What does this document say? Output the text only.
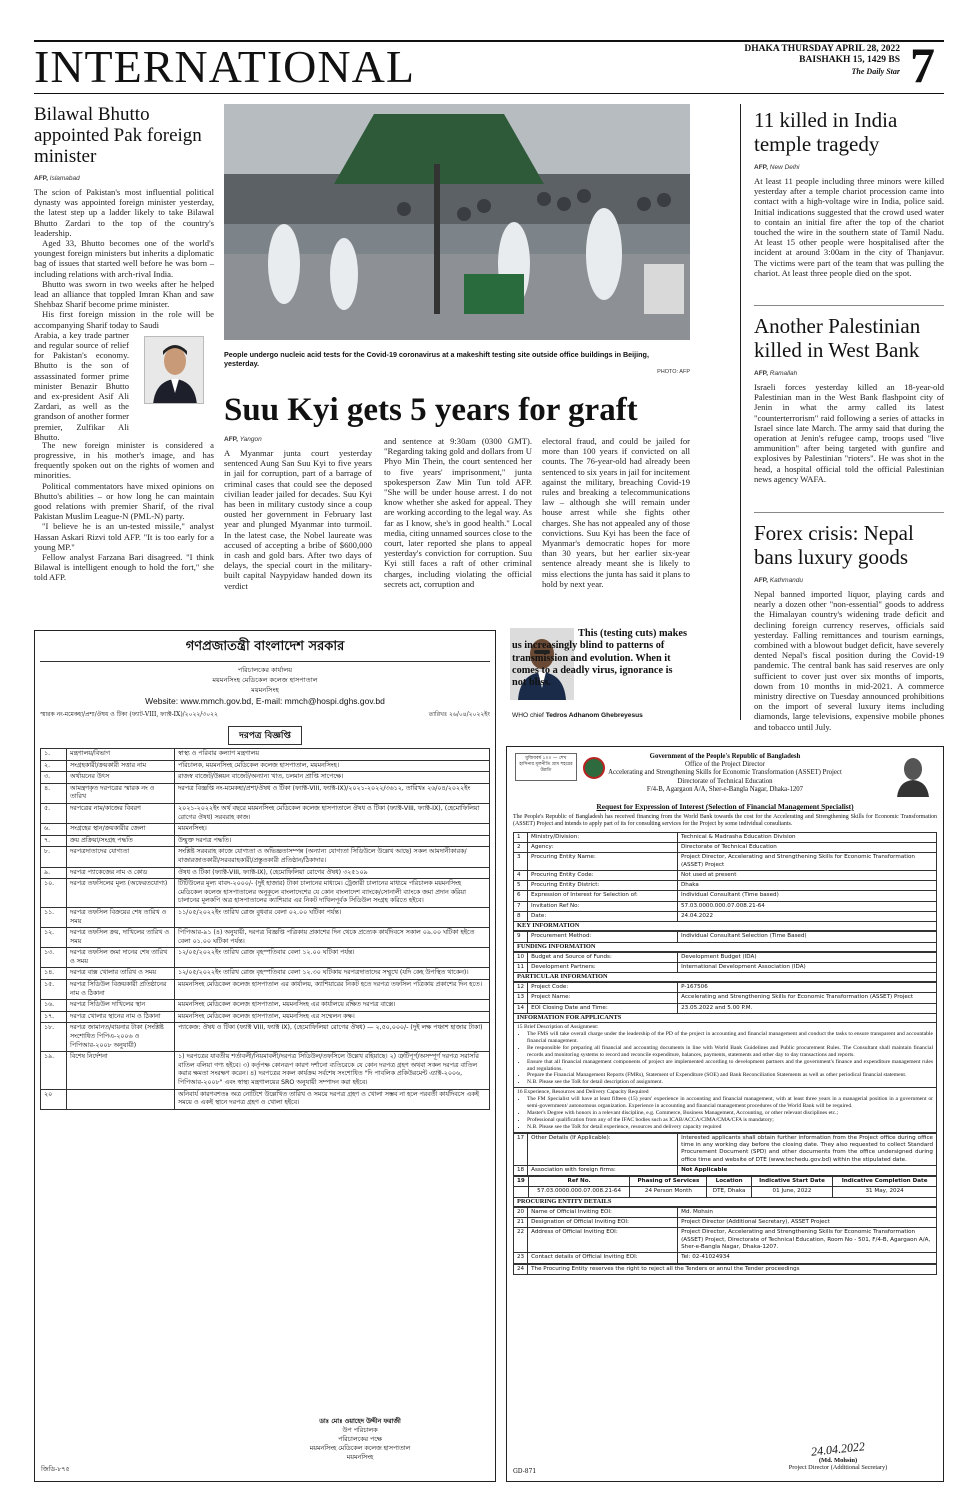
INTERNATIONAL	DHAKA THURSDAY APRIL 28, 2022
BAISHAKH 15, 1429 BS
The Daily Star 7
Bilawal Bhutto appointed Pak foreign minister
AFP, Islamabad

The scion of Pakistan's most influential political dynasty was appointed foreign minister yesterday, the latest step up a ladder likely to take Bilawal Bhutto Zardari to the top of the country's leadership.

Aged 33, Bhutto becomes one of the world's youngest foreign ministers but inherits a diplomatic bag of issues that started well before he was born – including relations with arch-rival India.

Bhutto was sworn in two weeks after he helped lead an alliance that toppled Imran Khan and saw Shehbaz Sharif become prime minister.

His first foreign mission in the role will be accompanying Sharif today to Saudi

Arabia, a key trade partner and regular source of relief for Pakistan's economy. Bhutto is the son of assassinated former prime minister Benazir Bhutto and ex-president Asif Ali Zardari, as well as the grandson of another former premier, Zulfikar Ali Bhutto.

The new foreign minister is considered a progressive, in his mother's image, and has frequently spoken out on the rights of women and minorities.

Political commentators have mixed opinions on Bhutto's abilities – or how long he can maintain good relations with premier Sharif, of the rival Pakistan Muslim League-N (PML-N) party.

"I believe he is an un-tested missile," analyst Hassan Askari Rizvi told AFP. "It is too early for a young MP."

Fellow analyst Farzana Bari disagreed. "I think Bilawal is intelligent enough to hold the fort," she told AFP.

People undergo nucleic acid tests for the Covid-19 coronavirus at a makeshift testing site outside office buildings in Beijing, yesterday.
PHOTO: AFP
Suu Kyi gets 5 years for graft
AFP, Yangon
A Myanmar junta court yesterday sentenced Aung San Suu Kyi to five years in jail for corruption, part of a barrage of criminal cases that could see the deposed civilian leader jailed for decades. Suu Kyi has been in military custody since a coup ousted her government in February last year and plunged Myanmar into turmoil. In the latest case, the Nobel laureate was accused of accepting a bribe of $600,000 in cash and gold bars. After two days of delays, the special court in the military-built capital Naypyidaw handed down its verdict
and sentence at 9:30am (0300 GMT). "Regarding taking gold and dollars from U Phyo Min Thein, the court sentenced her to five years' imprisonment," junta spokesperson Zaw Min Tun told AFP. "She will be under house arrest. I do not know whether she asked for appeal. They are working according to the legal way. As far as I know, she's in good health." Local media, citing unnamed sources close to the court, later reported she plans to appeal yesterday's conviction for corruption. Suu Kyi still faces a raft of other criminal charges, including violating the official secrets act, corruption and
electoral fraud, and could be jailed for more than 100 years if convicted on all counts. The 76-year-old had already been sentenced to six years in jail for incitement against the military, breaching Covid-19 rules and breaking a telecommunications law – although she will remain under house arrest while she fights other charges. She has not appealed any of those convictions. Suu Kyi has been the face of Myanmar's democratic hopes for more than 30 years, but her earlier six-year sentence already meant she is likely to miss elections the junta has said it plans to hold by next year.
This (testing cuts) makes us increasingly blind to patterns of transmission and evolution. When it comes to a deadly virus, ignorance is not bliss.
WHO chief Tedros Adhanom Ghebreyesus
11 killed in India temple tragedy
AFP, New Delhi
At least 11 people including three minors were killed yesterday after a temple chariot procession came into contact with a high-voltage wire in India, police said. Initial indications suggested that the crowd used water to contain an initial fire after the top of the chariot touched the wire in the southern state of Tamil Nadu. At least 15 other people were hospitalised after the incident at around 3:00am in the city of Thanjavur. The victims were part of the team that was pulling the chariot. At least three people died on the spot.
Another Palestinian killed in West Bank
AFP, Ramallah
Israeli forces yesterday killed an 18-year-old Palestinian man in the West Bank flashpoint city of Jenin in what the army called its latest "counterterrorism" raid following a series of attacks in Israel since late March. The army said that during the operation at Jenin's refugee camp, troops used "live ammunition" after being targeted with gunfire and explosives by Palestinian "rioters". He was shot in the head, a hospital official told the official Palestinian news agency WAFA.
Forex crisis: Nepal bans luxury goods
AFP, Kathmandu
Nepal banned imported liquor, playing cards and nearly a dozen other "non-essential" goods to address the Himalayan country's widening trade deficit and declining foreign currency reserves, officials said yesterday. Falling remittances and tourism earnings, combined with a blowout budget deficit, have severely dented Nepal's fiscal position during the Covid-19 pandemic. The central bank has said reserves are only sufficient to cover just over six months of imports, down from 10 months in mid-2021. A commerce ministry directive on Tuesday announced prohibitions on the import of several luxury items including diamonds, large televisions, expensive mobile phones and tobacco until July.
গণপ্রজাতন্ত্রী বাংলাদেশ সরকার
পরিচালকের কার্যালয়
ময়মনসিংহ মেডিকেল কলেজ হাসপাতাল
ময়মনসিংহ
Website: www.mmch.gov.bd, E-mail: mmch@hospi.dghs.gov.bd
স্মারক নং-মমেকহা/প্রশা/ঔষধ ও টিকা (ফ্যাট-VIII, ফ্যাক্ট-IX)/২০২২/৩০২২	তারিখঃ ২৬/০৪/২০২২ইং
দরপত্র বিজ্ঞপ্তি
১.	মন্ত্রণালয়/বিভাগ	স্বাস্থ্য ও পরিবার কল্যাণ মন্ত্রণালয়
২.	সংগ্রহকারী/ক্রয়কারী সত্তার নাম	পরিচালক, ময়মনসিংহ মেডিকেল কলেজ হাসপাতাল, ময়মনসিংহ।
৩.	অর্থায়নের উৎস	রাজস্ব বাজেট/উন্নয়ন বাজেট/অন্যান্য খাত, চলমান প্রাপ্তি সাপেক্ষে।
৪.	আমন্ত্রণকৃত দরপত্রের স্মারক নং ও তারিখ	দরপত্র বিজ্ঞপ্তি নং-মমেকহা/প্রশা/ঔষধ ও টিকা (ফ্যাক্ট-VIII, ফ্যাক্ট-IX)/২০২১-২০২২/৩৬১২, তারিখঃ ২৬/০৪/২০২২ইং
৫.	দরপত্রের নাম/কাজের বিবরণ	২০২১-২০২২ইং অর্থ বছরে ময়মনসিংহ মেডিকেল কলেজ হাসপাতালে ঔষধ ও টিকা (ফ্যাক্ট-VIII, ফ্যাক্ট-IX), (হেমোফিলিয়া রোগের ঔষধ) সরবরাহ কাজ।
৬.	সংগ্রহের স্থান/ক্রয়কারীর জেলা	ময়মনসিংহ।
৭.	ক্রয় প্রক্রিয়া/সংগ্রহ পদ্ধতি	উন্মুক্ত দরপত্র পদ্ধতি।
৮.	দরপত্রদাতাদের যোগ্যতা	সংশ্লিষ্ট সরবরাহ কাজে যোগ্যতা ও অভিজ্ঞতাসম্পন্ন (অন্যান্য যোগ্যতা সিডিউলে উল্লেখ আছে) সকল আমদানীকারক/বাজারজাতকারী/সরবরাহকারী/প্রস্তুতকারী প্রতিষ্ঠান/ঠিকাদার।
৯.	দরপত্র প্যাকেজের নাম ও কোড	ঔষধ ও টিকা (ফ্যাক্ট-VIII, ফ্যাক্ট-IX), (হেমোফিলিয়া রোগের ঔষধ) ৩২৫১০৯
১০.	দরপত্র তফসিলের মূল্য (অফেরতযোগ্য)	টিটিউলের মূল্য বাবদ-২০০০/- (দুই হাজার) টাকা চালানের মাধ্যমে। ট্রেজারী চালানের মাধ্যমে পরিচালক ময়মনসিংহ মেডিকেল কলেজ হাসপাতালের অনুকূলে বাংলাদেশের যে কোন বাংলাদেশ ব্যাংকে/সোনালী ব্যাংকে জমা প্রদান করিয়া চালানের মূলকপি অত্র হাসপাতালের ক্যাশিয়ার এর নিকট দাখিলপূর্বক সিডিউল সংগ্রহ করিতে হইবে।
১১.	দরপত্র তফসিল বিক্রয়ের শেষ তারিখ ও সময়	১১/০৫/২০২২ইং তারিখ রোজ বুধবার বেলা ০২.০০ ঘটিকা পর্যন্ত।
১২.	দরপত্র তফসিল ক্রয়, দাখিলের তারিখ ও সময়	পিপিআর-৯১ (৪) অনুযায়ী, দরপত্র বিজ্ঞপ্তি পত্রিকায় প্রকাশের দিন থেকে প্রত্যেক কার্যদিবসে সকাল ০৯.০০ ঘটিকা হইতে বেলা ০১.০০ ঘটিকা পর্যন্ত।
১৩.	দরপত্র তফসিল জমা দানের শেষ তারিখ ও সময়	১২/০৫/২০২২ইং তারিখ রোজ বৃহস্পতিবার বেলা ১২.০০ ঘটিকা পর্যন্ত।
১৪.	দরপত্র বাক্স খোলার তারিখ ও সময়	১২/০৫/২০২২ইং তারিখ রোজ বৃহস্পতিবার বেলা ১২.৩০ ঘটিকায় দরপত্রদাতাদের সম্মুখে (যদি কেহ উপস্থিত থাকেন)।
১৫.	দরপত্র সিডিউল বিক্রয়কারী প্রতিষ্ঠানের নাম ও ঠিকানা	ময়মনসিংহ মেডিকেল কলেজ হাসপাতাল এর কার্যালয়, ক্যাশিয়ারের নিকট হতে দরপত্র তফসিল পত্রিকায় প্রকাশের দিন হতে।
১৬.	দরপত্র সিডিউল দাখিলের স্থান	ময়মনসিংহ মেডিকেল কলেজ হাসপাতাল, ময়মনসিংহ এর কার্যালয়ে রক্ষিত দরপত্র বাক্সে।
১৭.	দরপত্র খোলার স্থানের নাম ও ঠিকানা	ময়মনসিংহ মেডিকেল কলেজ হাসপাতাল, ময়মনসিংহ এর সম্মেলন কক্ষ।
১৮.	দরপত্র জামানত/বায়নার টাকা (সংশ্লিষ্ট সংশোধিত পিপিএ-২০০৬ ও পিপিআর-২০০৮ অনুযায়ী)	প্যাকেজ: ঔষধ ও টিকা (ফ্যাক্ট VIII, ফ্যাক্ট IX), (হেমোফিলিয়া রোগের ঔষধ) — ২,৫০,০০০/- (দুই লক্ষ পঞ্চাশ হাজার টাকা)
১৯.	বিশেষ নির্দেশনা	১) দরপত্রের যাবতীয় শর্তাবলী/নিয়মাবলী/দরপত্র সিডিউল/তফসিলে উল্লেখ রহিয়াছে। ২) ত্রুটিপূর্ণ/অসম্পূর্ণ দরপত্র সরাসরি বাতিল বলিয়া গণ্য হইবে। ৩) কর্তৃপক্ষ কোনরূপ কারণ দর্শানো ব্যতিরেকে যে কোন দরপত্র গ্রহণ অথবা সকল দরপত্র বাতিল করার ক্ষমতা সংরক্ষণ করেন। ৪) দরপত্রের সকল কার্যক্রম সর্বশেষ সংশোধিত "দি পাবলিক প্রকিউরমেন্ট এ্যাক্ট-২০০৬, পিপিআর-২০০৮" এবং স্বাস্থ্য মন্ত্রণালয়ের SRO অনুযায়ী সম্পাদন করা হইবে।
২০		অনিবার্য কারণবশতঃ অত্র নোটিশে উল্লেখিত তারিখ ও সময়ে দরপত্র গ্রহণ ও খোলা সম্ভব না হলে পরবর্তী কার্যদিবসে একই সময়ে ও একই স্থানে দরপত্র গ্রহণ ও খোলা হইবে।
ডাঃ মোঃ ওয়াহেদ উদ্দীন ফরাজী
উপ পরিচালক
পরিচালকের পক্ষে
ময়মনসিংহ মেডিকেল কলেজ হাসপাতাল
ময়মনসিংহ
জিডি-৮৭৫
মুজিববর্ষ ১০০ — শেখ হাসিনার মূলনীতি গ্রাম শহরের উন্নতি
Government of the People's Republic of Bangladesh
Office of the Project Director
Accelerating and Strengthening Skills for Economic Transformation (ASSET) Project
Directorate of Technical Education
F/4-B, Agargaon A/A, Sher-e-Bangla Nagar, Dhaka-1207
Request for Expression of Interest (Selection of Financial Management Specialist)
The People's Republic of Bangladesh has received financing from the World Bank towards the cost for the Accelerating and Strengthening Skills for Economic Transformation (ASSET) Project and intends to apply part of its for consulting services for the Project by some individual consultants.
1	Ministry/Division:	Technical & Madrasha Education Division
2	Agency:	Directorate of Technical Education
3	Procuring Entity Name:	Project Director, Accelerating and Strengthening Skills for Economic Transformation (ASSET) Project
4	Procuring Entity Code:	Not used at present
5	Procuring Entity District:	Dhaka
6	Expression of Interest for Selection of:	Individual Consultant (Time based)
7	Invitation Ref No:	57.03.0000.000.07.008.21-64
8	Date:	24.04.2022
KEY INFORMATION
9	Procurement Method:	Individual Consultant Selection (Time Based)
FUNDING INFORMATION
10	Budget and Source of Funds:	Development Budget (IDA)
11	Development Partners:	International Development Association (IDA)
PARTICULAR INFORMATION
12	Project Code:	P-167506
13	Project Name:	Accelerating and Strengthening Skills for Economic Transformation (ASSET) Project
14	EOI Closing Date and Time:	23.05.2022 and 5.00 P.M.
INFORMATION FOR APPLICANTS
15 Brief Description of Assignment:
• The FMS will take overall charge under the leadership of the PD of the project in accounting and financial management and conduct the tasks to ensure transparent and accountable financial management.
• Be responsible for preparing all financial and accounting documents in line with World Bank Guidelines and Public procurement Rules. The Consultant shall maintain financial records and monitoring systems to record and reconcile expenditure, balances, payments, statements and other day to day transactions and reports.
• Ensure that all financial management components of project are implemented according to development partners and the government's finance and expenditure management rules and regulations.
• Prepare the Financial Management Reports (FMRs), Statement of Expenditure (SOE) and Bank Reconciliation Statements as well as other periodical financial statement.
• N.B. Please see the ToR for detail description of assignment.
16 Experience, Resources and Delivery Capacity Required
• The FM Specialist will have at least fifteen (15) years' experience in accounting and financial management, with at least three years in a managerial position in a government or semi-government/ autonomous organization. Experience in accounting and financial management procedures of the World Bank will be required.
• Master's Degree with honors in a relevant discipline, e.g. Commerce, Business Management, Accounting, or other relevant disciplines etc.;
• Professional qualification from any of the IFAC bodies such as ICAB/ACCA/CIMA/CMA/CFA is mandatory;
• N.B. Please see the ToR for detail experience, resources and delivery capacity required
17	Other Details (If Applicable):	Interested applicants shall obtain further information from the Project office during office time in any working day before the closing date. They also requested to collect Standard Procurement Document (SPD) and other documents from the office undersigned during office time and website of DTE (www.techedu.gov.bd) within the stipulated date.
18	Association with foreign firms:	Not Applicable
19	Ref No.	Phasing of Services	Location	Indicative Start Date	Indicative Completion Date
	57.03.0000.000.07.008.21-64	24 Person Month	DTE, Dhaka	01 June, 2022	31 May, 2024
PROCURING ENTITY DETAILS
20	Name of Official Inviting EOI:	Md. Mohsin
21	Designation of Official Inviting EOI:	Project Director (Additional Secretary), ASSET Project
22	Address of Official Inviting EOI:	Project Director, Accelerating and Strengthening Skills for Economic Transformation (ASSET) Project, Directorate of Technical Education, Room No - 501, F/4-B, Agargaon A/A, Sher-e-Bangla Nagar, Dhaka-1207.
23	Contact details of Official Inviting EOI:	Tel: 02-41024934
24	The Procuring Entity reserves the right to reject all the Tenders or annul the Tender proceedings
24.04.2022
(Md. Mohsin)
Project Director (Additional Secretary)
GD-871
